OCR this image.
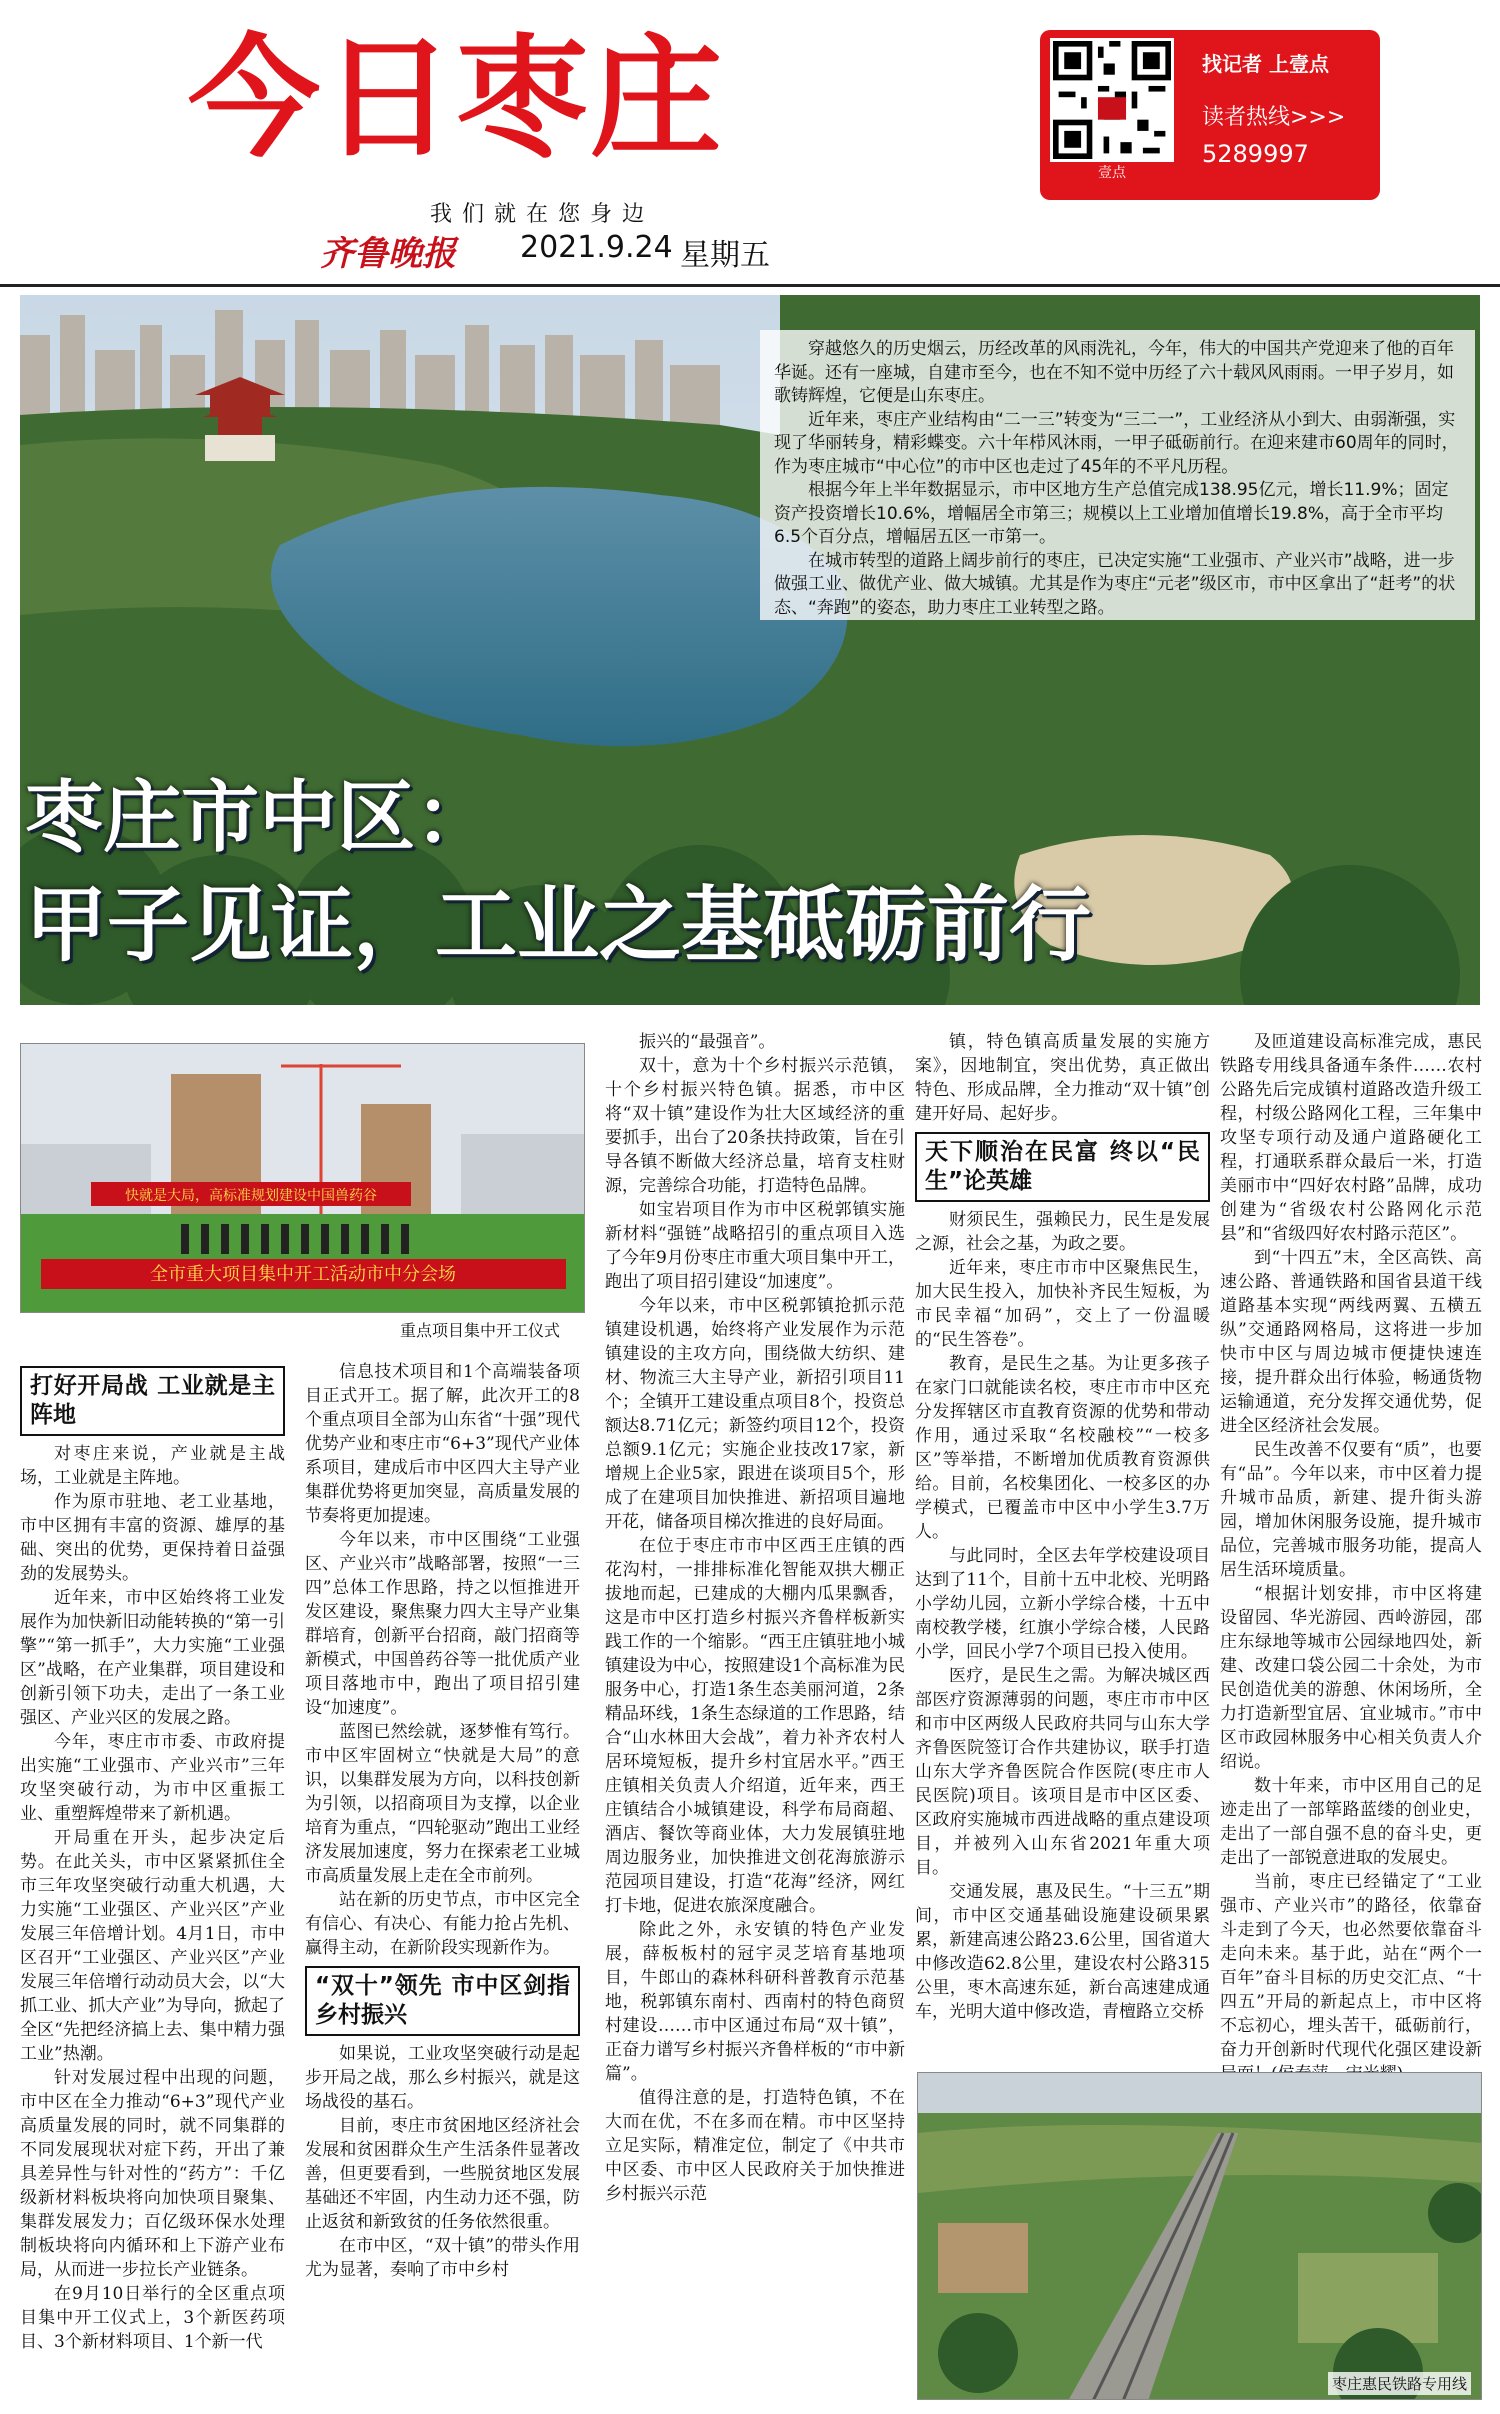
今日枣庄
我们就在您身边
齐鲁晚报 2021.9.24 星期五
壹点
找记者 上壹点
读者热线>>>
5289997

穿越悠久的历史烟云，历经改革的风雨洗礼，今年，伟大的中国共产党迎来了他的百年华诞。还有一座城，自建市至今，也在不知不觉中历经了六十载风风雨雨。一甲子岁月，如歌铸辉煌，它便是山东枣庄。

近年来，枣庄产业结构由“二一三”转变为“三二一”，工业经济从小到大、由弱渐强，实现了华丽转身，精彩蝶变。六十年栉风沐雨，一甲子砥砺前行。在迎来建市60周年的同时，作为枣庄城市“中心位”的市中区也走过了45年的不平凡历程。

根据今年上半年数据显示，市中区地方生产总值完成138.95亿元，增长11.9%；固定资产投资增长10.6%，增幅居全市第三；规模以上工业增加值增长19.8%，高于全市平均6.5个百分点，增幅居五区一市第一。

在城市转型的道路上阔步前行的枣庄，已决定实施“工业强市、产业兴市”战略，进一步做强工业、做优产业、做大城镇。尤其是作为枣庄“元老”级区市，市中区拿出了“赶考”的状态、“奔跑”的姿态，助力枣庄工业转型之路。

枣庄市中区：
甲子见证，工业之基砥砺前行
快就是大局，高标准规划建设中国兽药谷
全市重大项目集中开工活动市中分会场
重点项目集中开工仪式
打好开局战 工业就是主阵地

对枣庄来说，产业就是主战场，工业就是主阵地。

作为原市驻地、老工业基地，市中区拥有丰富的资源、雄厚的基础、突出的优势，更保持着日益强劲的发展势头。

近年来，市中区始终将工业发展作为加快新旧动能转换的“第一引擎”“第一抓手”，大力实施“工业强区”战略，在产业集群，项目建设和创新引领下功夫，走出了一条工业强区、产业兴区的发展之路。

今年，枣庄市市委、市政府提出实施“工业强市、产业兴市”三年攻坚突破行动，为市中区重振工业、重塑辉煌带来了新机遇。

开局重在开头，起步决定后势。在此关头，市中区紧紧抓住全市三年攻坚突破行动重大机遇，大力实施“工业强区、产业兴区”产业发展三年倍增计划。4月1日，市中区召开“工业强区、产业兴区”产业发展三年倍增行动动员大会，以“大抓工业、抓大产业”为导向，掀起了全区“先把经济搞上去、集中精力强工业”热潮。

针对发展过程中出现的问题，市中区在全力推动“6+3”现代产业高质量发展的同时，就不同集群的不同发展现状对症下药，开出了兼具差异性与针对性的“药方”：千亿级新材料板块将向加快项目聚集、集群发展发力；百亿级环保水处理制板块将向内循环和上下游产业布局，从而进一步拉长产业链条。

在9月10日举行的全区重点项目集中开工仪式上，3个新医药项目、3个新材料项目、1个新一代

信息技术项目和1个高端装备项目正式开工。据了解，此次开工的8个重点项目全部为山东省“十强”现代优势产业和枣庄市“6+3”现代产业体系项目，建成后市中区四大主导产业集群优势将更加突显，高质量发展的节奏将更加提速。

今年以来，市中区围绕“工业强区、产业兴市”战略部署，按照“一三四”总体工作思路，持之以恒推进开发区建设，聚焦聚力四大主导产业集群培育，创新平台招商，敲门招商等新模式，中国兽药谷等一批优质产业项目落地市中，跑出了项目招引建设“加速度”。

蓝图已然绘就，逐梦惟有笃行。市中区牢固树立“快就是大局”的意识，以集群发展为方向，以科技创新为引领，以招商项目为支撑，以企业培育为重点，“四轮驱动”跑出工业经济发展加速度，努力在探索老工业城市高质量发展上走在全市前列。

站在新的历史节点，市中区完全有信心、有决心、有能力抢占先机、赢得主动，在新阶段实现新作为。

“双十”领先 市中区剑指乡村振兴

如果说，工业攻坚突破行动是起步开局之战，那么乡村振兴，就是这场战役的基石。

目前，枣庄市贫困地区经济社会发展和贫困群众生产生活条件显著改善，但更要看到，一些脱贫地区发展基础还不牢固，内生动力还不强，防止返贫和新致贫的任务依然很重。

在市中区，“双十镇”的带头作用尤为显著，奏响了市中乡村

振兴的“最强音”。

双十，意为十个乡村振兴示范镇，十个乡村振兴特色镇。据悉，市中区将“双十镇”建设作为壮大区域经济的重要抓手，出台了20条扶持政策，旨在引导各镇不断做大经济总量，培育支柱财源，完善综合功能，打造特色品牌。

如宝岩项目作为市中区税郭镇实施新材料“强链”战略招引的重点项目入选了今年9月份枣庄市重大项目集中开工，跑出了项目招引建设“加速度”。

今年以来，市中区税郭镇抢抓示范镇建设机遇，始终将产业发展作为示范镇建设的主攻方向，围绕做大纺织、建材、物流三大主导产业，新招引项目11个；全镇开工建设重点项目8个，投资总额达8.71亿元；新签约项目12个，投资总额9.1亿元；实施企业技改17家，新增规上企业5家，跟进在谈项目5个，形成了在建项目加快推进、新招项目遍地开花，储备项目梯次推进的良好局面。

在位于枣庄市市中区西王庄镇的西花沟村，一排排标准化智能双拱大棚正拔地而起，已建成的大棚内瓜果飘香，这是市中区打造乡村振兴齐鲁样板新实践工作的一个缩影。“西王庄镇驻地小城镇建设为中心，按照建设1个高标准为民服务中心，打造1条生态美丽河道，2条精品环线，1条生态绿道的工作思路，结合“山水林田大会战”，着力补齐农村人居环境短板，提升乡村宜居水平。”西王庄镇相关负责人介绍道，近年来，西王庄镇结合小城镇建设，科学布局商超、酒店、餐饮等商业体，大力发展镇驻地周边服务业，加快推进文创花海旅游示范园项目建设，打造“花海”经济，网红打卡地，促进农旅深度融合。

除此之外，永安镇的特色产业发展，薛板板村的冠宇灵芝培育基地项目，牛郎山的森林科研科普教育示范基地，税郭镇东南村、西南村的特色商贸村建设……市中区通过布局“双十镇”，正奋力谱写乡村振兴齐鲁样板的“市中新篇”。

值得注意的是，打造特色镇，不在大而在优，不在多而在精。市中区坚持立足实际，精准定位，制定了《中共市中区委、市中区人民政府关于加快推进乡村振兴示范

镇，特色镇高质量发展的实施方案》，因地制宜，突出优势，真正做出特色、形成品牌，全力推动“双十镇”创建开好局、起好步。

天下顺治在民富 终以“民生”论英雄

财须民生，强赖民力，民生是发展之源，社会之基，为政之要。

近年来，枣庄市市中区聚焦民生，加大民生投入，加快补齐民生短板，为市民幸福“加码”，交上了一份温暖的“民生答卷”。

教育，是民生之基。为让更多孩子在家门口就能读名校，枣庄市市中区充分发挥辖区市直教育资源的优势和带动作用，通过采取“名校融校”“一校多区”等举措，不断增加优质教育资源供给。目前，名校集团化、一校多区的办学模式，已覆盖市中区中小学生3.7万人。

与此同时，全区去年学校建设项目达到了11个，目前十五中北校、光明路小学幼儿园，立新小学综合楼，十五中南校教学楼，红旗小学综合楼，人民路小学，回民小学7个项目已投入使用。

医疗，是民生之需。为解决城区西部医疗资源薄弱的问题，枣庄市市中区和市中区两级人民政府共同与山东大学齐鲁医院签订合作共建协议，联手打造山东大学齐鲁医院合作医院(枣庄市人民医院)项目。该项目是市中区区委、区政府实施城市西进战略的重点建设项目，并被列入山东省2021年重大项目。

交通发展，惠及民生。“十三五”期间，市中区交通基础设施建设硕果累累，新建高速公路23.6公里，国省道大中修改造62.8公里，建设农村公路315公里，枣木高速东延，新台高速建成通车，光明大道中修改造，青檀路立交桥

及匝道建设高标准完成，惠民铁路专用线具备通车条件……农村公路先后完成镇村道路改造升级工程，村级公路网化工程，三年集中攻坚专项行动及通户道路硬化工程，打通联系群众最后一米，打造美丽市中“四好农村路”品牌，成功创建为“省级农村公路网化示范县”和“省级四好农村路示范区”。

到“十四五”末，全区高铁、高速公路、普通铁路和国省县道干线道路基本实现“两线两翼、五横五纵”交通路网格局，这将进一步加快市中区与周边城市便捷快速连接，提升群众出行体验，畅通货物运输通道，充分发挥交通优势，促进全区经济社会发展。

民生改善不仅要有“质”，也要有“品”。今年以来，市中区着力提升城市品质，新建、提升街头游园，增加休闲服务设施，提升城市品位，完善城市服务功能，提高人居生活环境质量。

“根据计划安排，市中区将建设留园、华光游园、西岭游园，邵庄东绿地等城市公园绿地四处，新建、改建口袋公园二十余处，为市民创造优美的游憩、休闲场所，全力打造新型宜居、宜业城市。”市中区市政园林服务中心相关负责人介绍说。

数十年来，市中区用自己的足迹走出了一部筚路蓝缕的创业史，走出了一部自强不息的奋斗史，更走出了一部锐意进取的发展史。

当前，枣庄已经锚定了“工业强市、产业兴市”的路径，依靠奋斗走到了今天，也必然要依靠奋斗走向未来。基于此，站在“两个一百年”奋斗目标的历史交汇点、“十四五”开局的新起点上，市中区将不忘初心，埋头苦干，砥砺前行，奋力开创新时代现代化强区建设新　

枣庄惠民铁路专用线
